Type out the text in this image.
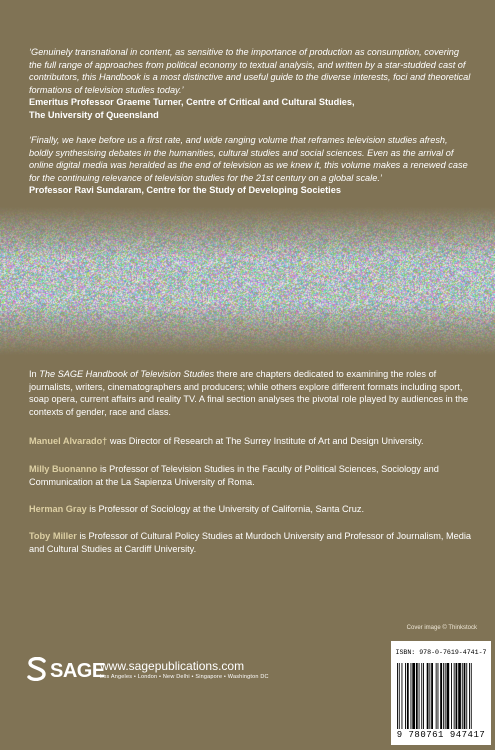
‘Genuinely transnational in content, as sensitive to the importance of production as consumption, covering the full range of approaches from political economy to textual analysis, and written by a star-studded cast of contributors, this Handbook is a most distinctive and useful guide to the diverse interests, foci and theoretical formations of television studies today.’
Emeritus Professor Graeme Turner, Centre of Critical and Cultural Studies,
The University of Queensland
‘Finally, we have before us a first rate, and wide ranging volume that reframes television studies afresh, boldly synthesising debates in the humanities, cultural studies and social sciences. Even as the arrival of online digital media was heralded as the end of television as we knew it, this volume makes a renewed case for the continuing relevance of television studies for the 21st century on a global scale.’
Professor Ravi Sundaram, Centre for the Study of Developing Societies
In The SAGE Handbook of Television Studies there are chapters dedicated to examining the roles of journalists, writers, cinematographers and producers; while others explore different formats including sport, soap opera, current affairs and reality TV. A final section analyses the pivotal role played by audiences in the contexts of gender, race and class.
Manuel Alvarado† was Director of Research at The Surrey Institute of Art and Design University.
Milly Buonanno is Professor of Television Studies in the Faculty of Political Sciences, Sociology and Communication at the La Sapienza University of Roma.
Herman Gray is Professor of Sociology at the University of California, Santa Cruz.
Toby Miller is Professor of Cultural Policy Studies at Murdoch University and Professor of Journalism, Media and Cultural Studies at Cardiff University.
Cover image © Thinkstock
SAGE
www.sagepublications.com
Los Angeles • London • New Delhi • Singapore • Washington DC
ISBN: 978-0-7619-4741-7
9 780761 947417
